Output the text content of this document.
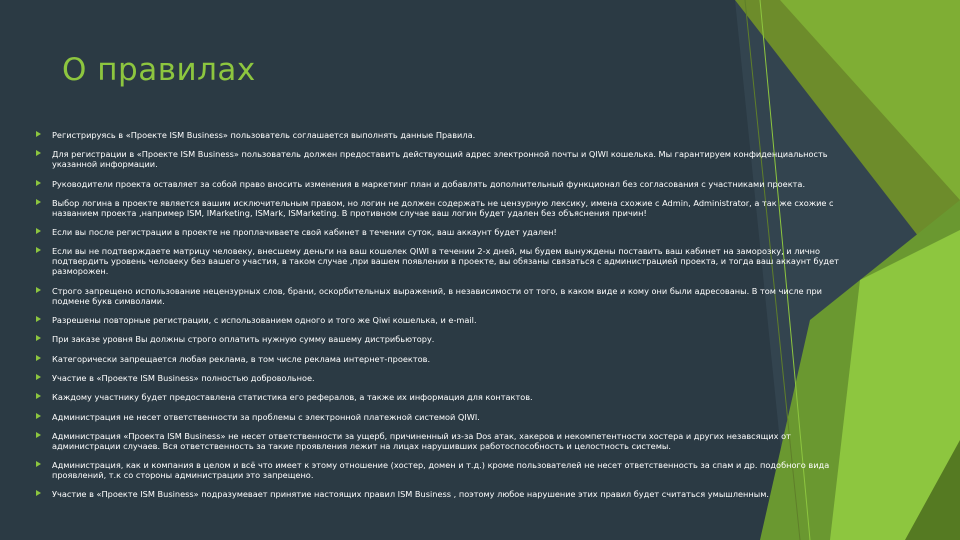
О правилах
Регистрируясь в «Проекте ISM Business» пользователь соглашается выполнять данные Правила.
Для регистрации в «Проекте ISM Business» пользователь должен предоставить действующий адрес электронной почты и QIWI кошелька. Мы гарантируем конфиденциальность указанной информации.
Руководители проекта оставляет за собой право вносить изменения в маркетинг план и добавлять дополнительный функционал без согласования с участниками проекта.
Выбор логина в проекте является вашим исключительным правом, но логин не должен содержать не цензурную лексику, имена схожие с Admin, Administrator, а так же схожие с названием проекта ,например ISM, IMarketing, ISMark, ISMarketing. В противном случае ваш логин будет удален без объяснения причин!
Если вы после регистрации в проекте не проплачиваете свой кабинет в течении суток, ваш аккаунт будет удален!
Если вы не подтверждаете матрицу человеку, внесшему деньги на ваш кошелек QIWI в течении 2-х дней, мы будем вынуждены поставить ваш кабинет на заморозку, и лично подтвердить уровень человеку без вашего участия, в таком случае ,при вашем появлении в проекте, вы обязаны связаться с администрацией проекта, и тогда ваш аккаунт будет разморожен.
Строго запрещено использование нецензурных слов, брани, оскорбительных выражений, в независимости от того, в каком виде и кому они были адресованы. В том числе при подмене букв символами.
Разрешены повторные регистрации, с использованием одного и того же Qiwi кошелька, и e-mail.
При заказе уровня Вы должны строго оплатить нужную сумму вашему дистрибьютору.
Категорически запрещается любая реклама, в том числе реклама интернет-проектов.
Участие в «Проекте ISM Business» полностью добровольное.
Каждому участнику будет предоставлена статистика его рефералов, а также их информация для контактов.
Администрация не несет ответственности за проблемы с электронной платежной системой QIWI.
Администрация «Проекта ISM Business» не несет ответственности за ущерб, причиненный из-за Dos атак, хакеров и некомпетентности хостера и других незавсящих от администрации случаев. Вся ответственность за такие проявления лежит на лицах нарушивших работоспособность и целостность системы.
Администрация, как и компания в целом и всё что имеет к этому отношение (хостер, домен и т.д.) кроме пользователей не несет ответственность за спам и др. подобного вида проявлений, т.к со стороны администрации это запрещено.
Участие в «Проекте ISM Business» подразумевает принятие настоящих правил ISM Business , поэтому любое нарушение этих правил будет считаться умышленным.
